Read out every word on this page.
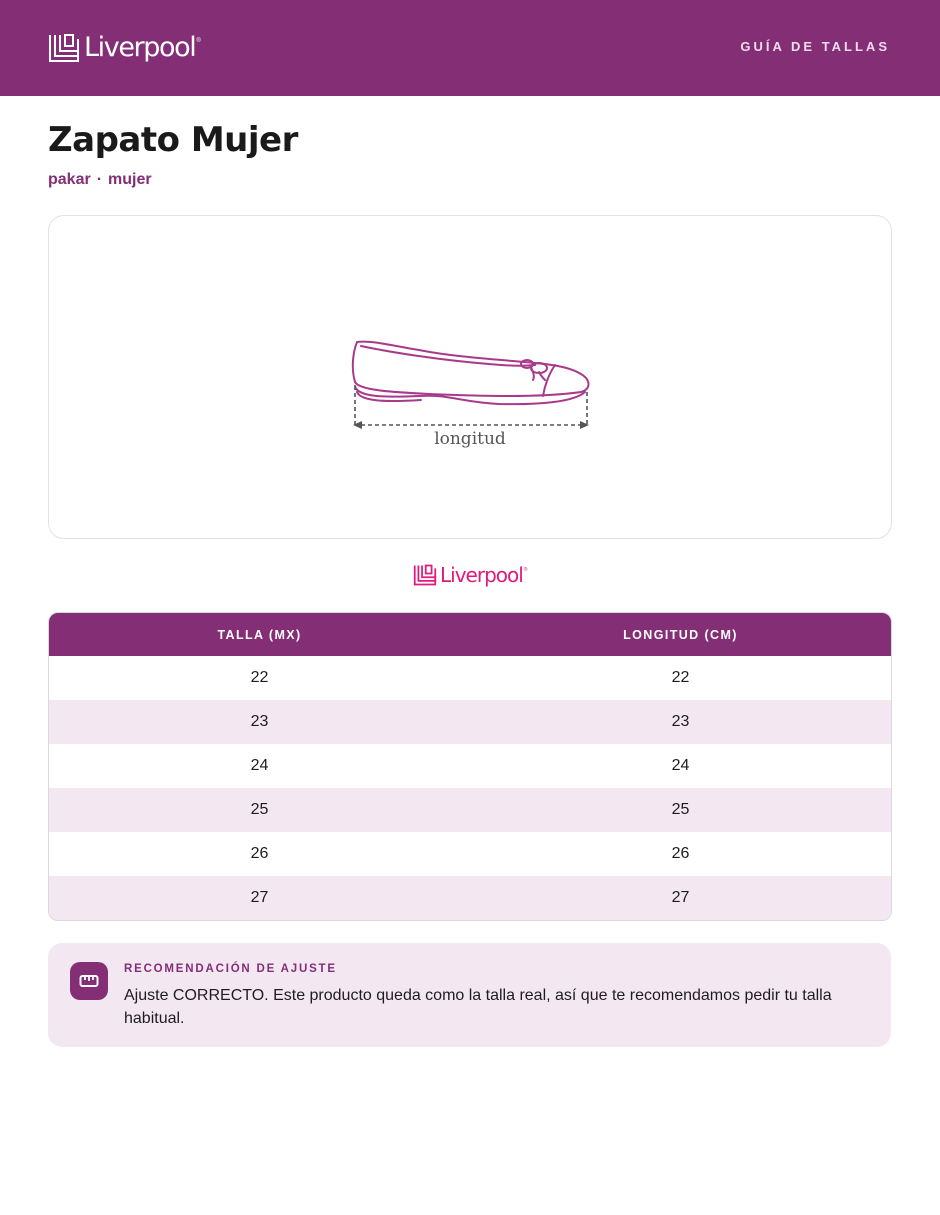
Liverpool ®	GUÍA DE TALLAS
Zapato Mujer
pakar · mujer
longitud
Liverpool ®
TALLA (MX)	LONGITUD (CM)
22	22
23	23
24	24
25	25
26	26
27	27
RECOMENDACIÓN DE AJUSTE
Ajuste CORRECTO. Este producto queda como la talla real, así que te recomendamos pedir tu talla habitual.
